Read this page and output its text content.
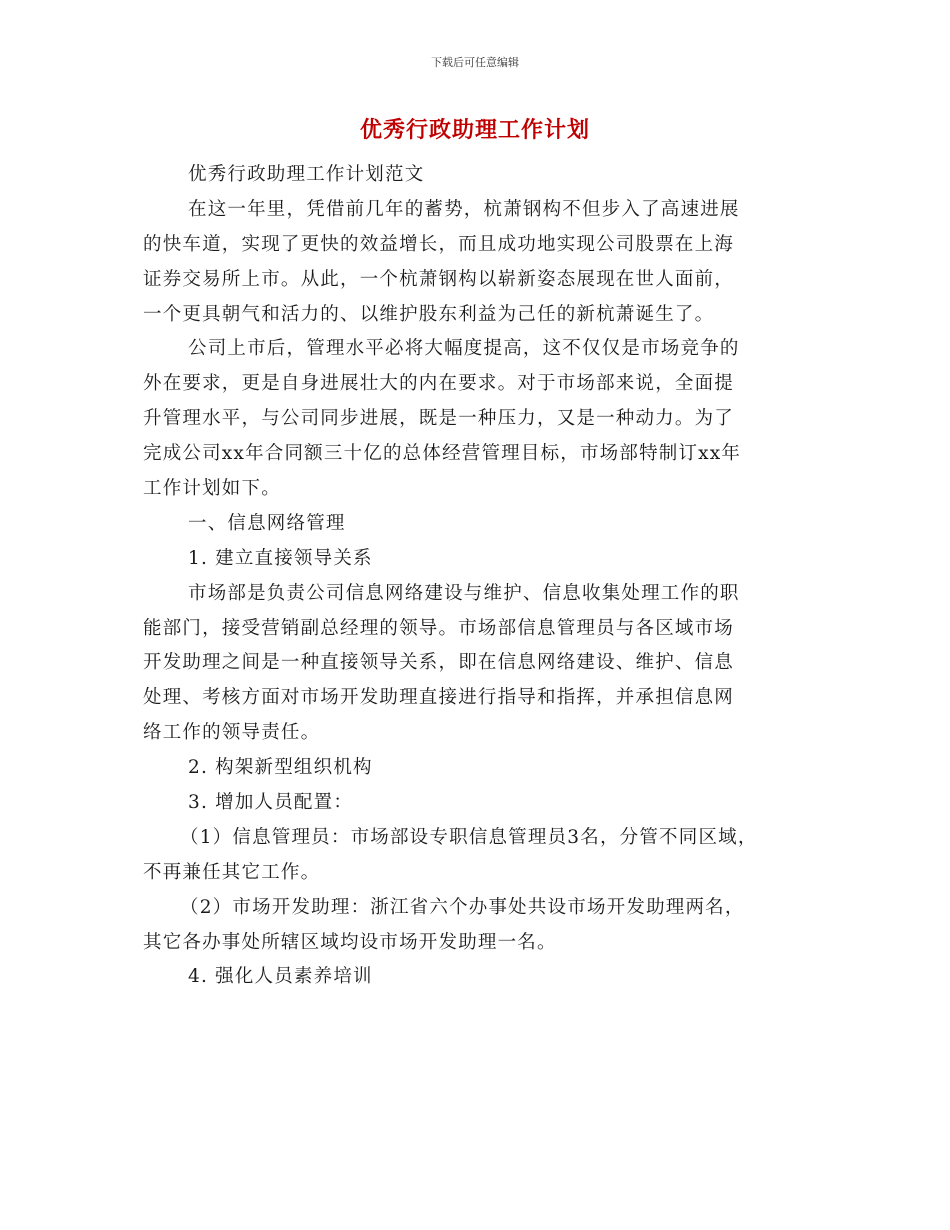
下载后可任意编辑
优秀行政助理工作计划
优秀行政助理工作计划范文
在这一年里，凭借前几年的蓄势，杭萧钢构不但步入了高速进展
的快车道，实现了更快的效益增长，而且成功地实现公司股票在上海
证券交易所上市。从此，一个杭萧钢构以崭新姿态展现在世人面前，
一个更具朝气和活力的、以维护股东利益为己任的新杭萧诞生了。
公司上市后，管理水平必将大幅度提高，这不仅仅是市场竞争的
外在要求，更是自身进展壮大的内在要求。对于市场部来说，全面提
升管理水平，与公司同步进展，既是一种压力，又是一种动力。为了
完成公司xx年合同额三十亿的总体经营管理目标，市场部特制订xx年
工作计划如下。
一、信息网络管理
1. 建立直接领导关系
市场部是负责公司信息网络建设与维护、信息收集处理工作的职
能部门，接受营销副总经理的领导。市场部信息管理员与各区域市场
开发助理之间是一种直接领导关系，即在信息网络建设、维护、信息
处理、考核方面对市场开发助理直接进行指导和指挥，并承担信息网
络工作的领导责任。
2. 构架新型组织机构
3. 增加人员配置：
（1）信息管理员：市场部设专职信息管理员3名，分管不同区域，
不再兼任其它工作。
（2）市场开发助理：浙江省六个办事处共设市场开发助理两名，
其它各办事处所辖区域均设市场开发助理一名。
4. 强化人员素养培训
